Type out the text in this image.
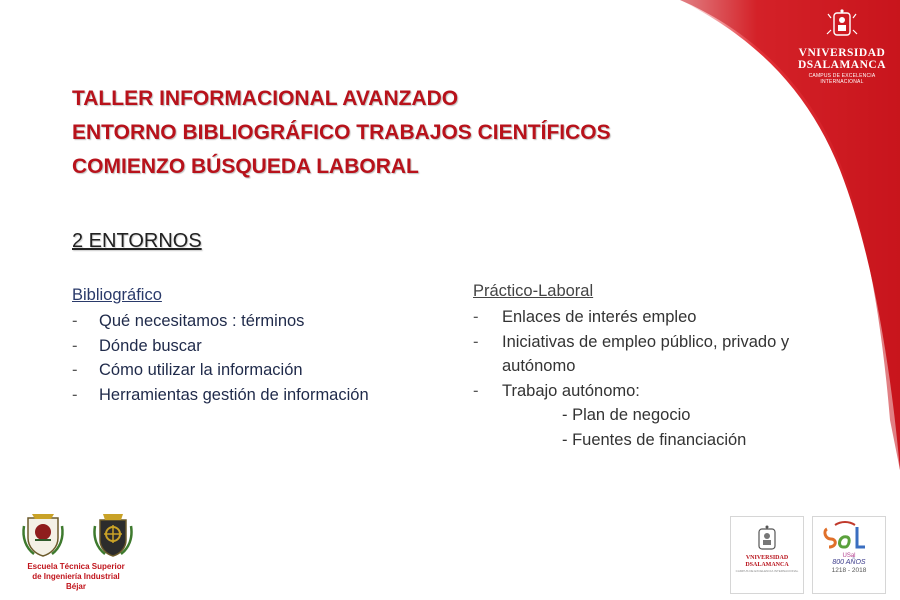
VNIVERSIDAD
DSALAMANCA
CAMPUS DE EXCELENCIA INTERNACIONAL
TALLER INFORMACIONAL AVANZADO
ENTORNO BIBLIOGRÁFICO TRABAJOS CIENTÍFICOS
COMIENZO BÚSQUEDA LABORAL
2 ENTORNOS
Bibliográfico
- Qué necesitamos : términos
- Dónde buscar
- Cómo utilizar la información
- Herramientas gestión de información
Práctico-Laboral
- Enlaces de interés empleo
- Iniciativas de empleo público, privado y autónomo
- Trabajo autónomo:
- Plan de negocio
- Fuentes de financiación
Escuela Técnica Superior
de Ingeniería Industrial
Béjar
VNIVERSIDAD
DSALAMANCA
CAMPUS DE EXCELENCIA INTERNACIONAL
USal
800 AÑOS
1218 - 2018
